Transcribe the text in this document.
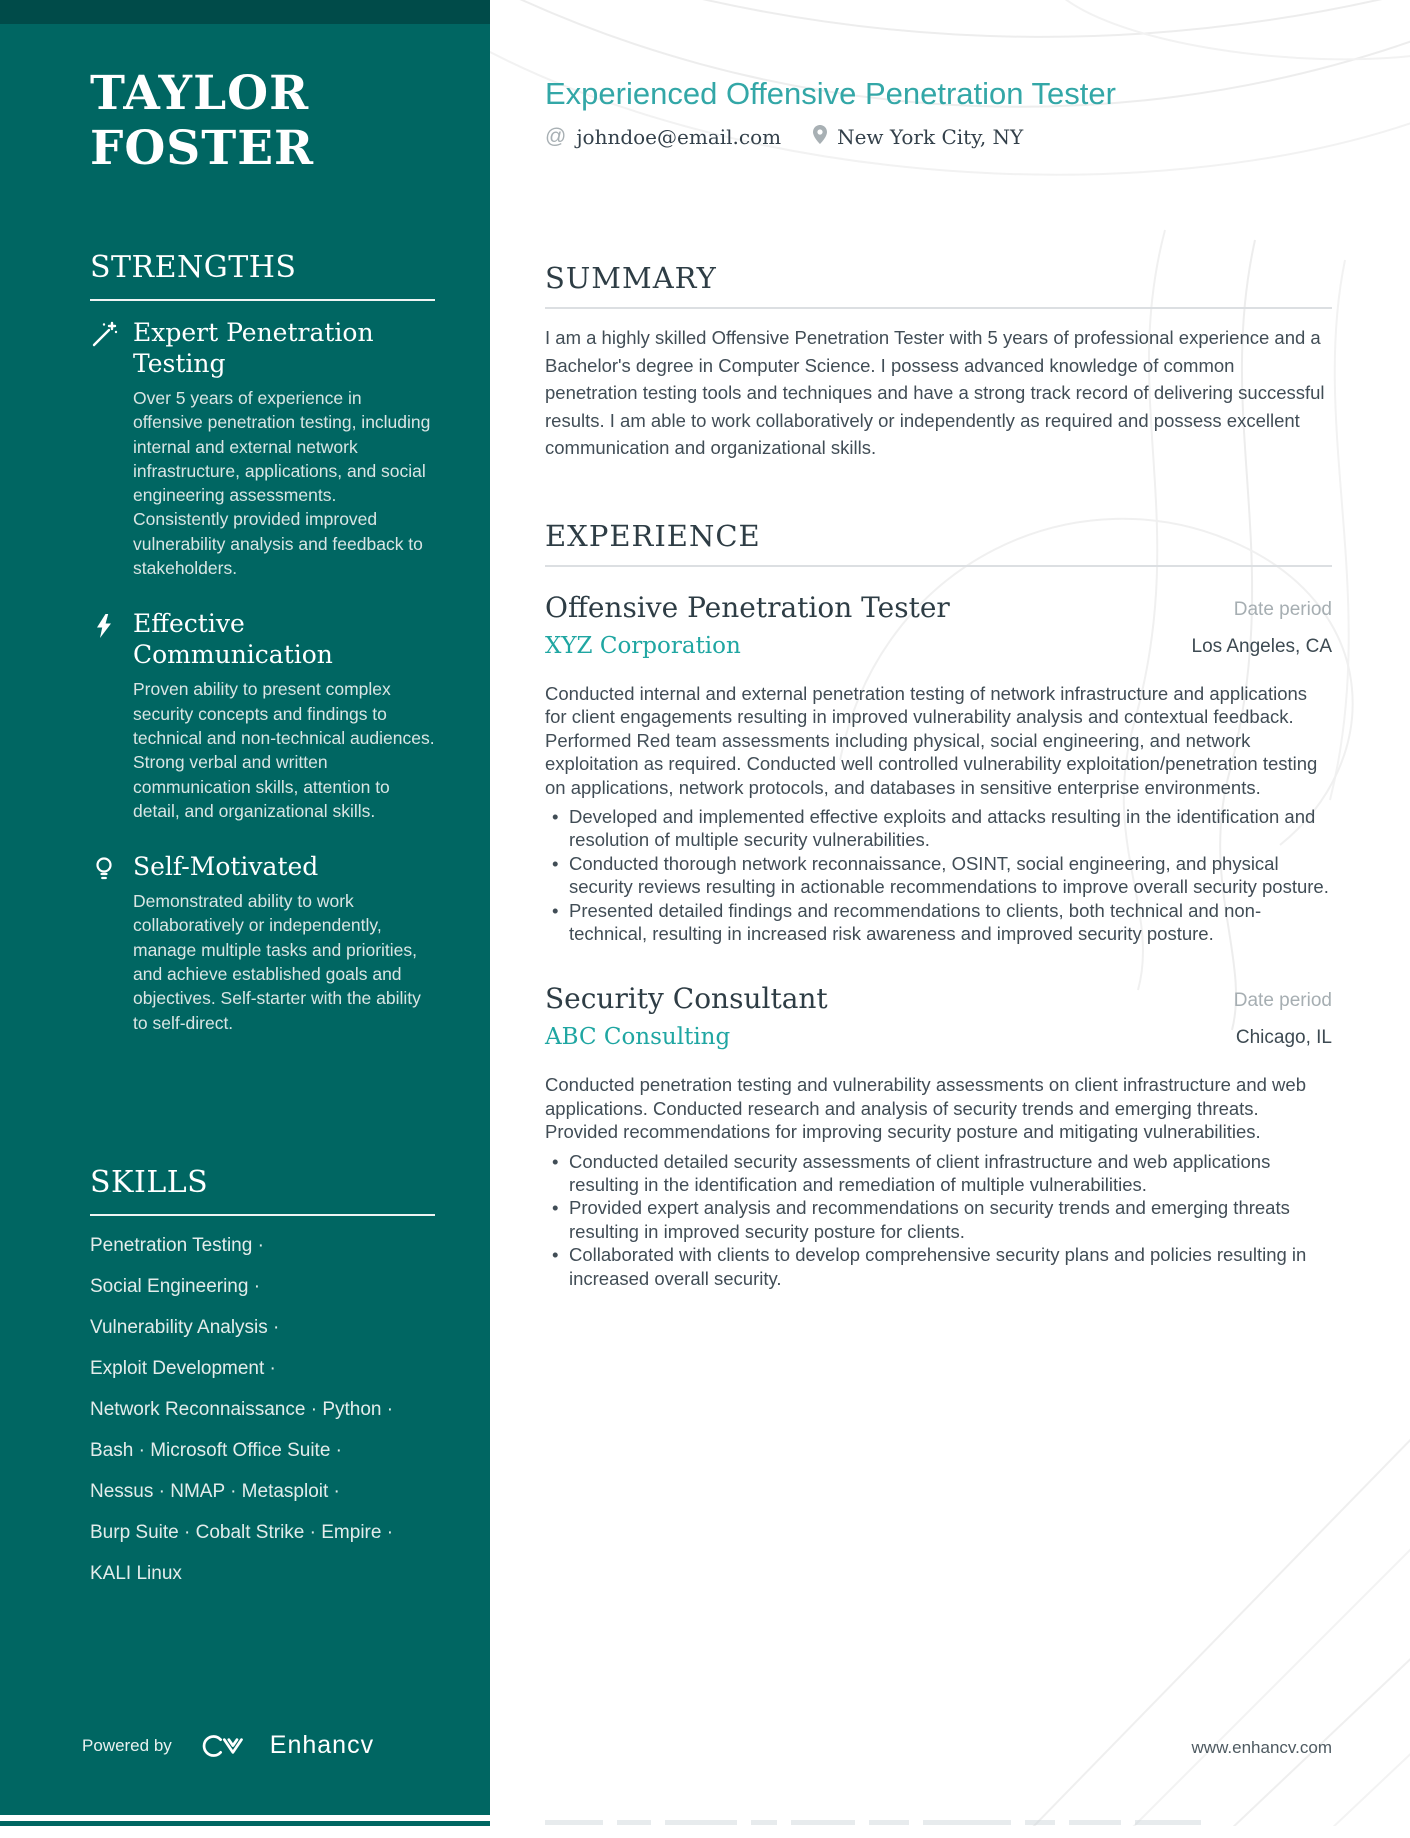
TAYLOR
FOSTER
STRENGTHS
Expert Penetration Testing
Over 5 years of experience in offensive penetration testing, including internal and external network infrastructure, applications, and social engineering assessments. Consistently provided improved vulnerability analysis and feedback to stakeholders.
Effective Communication
Proven ability to present complex security concepts and findings to technical and non-technical audiences. Strong verbal and written communication skills, attention to detail, and organizational skills.
Self-Motivated
Demonstrated ability to work collaboratively or independently, manage multiple tasks and priorities, and achieve established goals and objectives. Self-starter with the ability to self-direct.
SKILLS
Penetration Testing ·
Social Engineering ·
Vulnerability Analysis ·
Exploit Development ·
Network Reconnaissance · Python ·
Bash · Microsoft Office Suite ·
Nessus · NMAP · Metasploit ·
Burp Suite · Cobalt Strike · Empire ·
KALI Linux
Powered by	Enhancv
Experienced Offensive Penetration Tester
@ johndoe@email.com	New York City, NY
SUMMARY

I am a highly skilled Offensive Penetration Tester with 5 years of professional experience and a Bachelor's degree in Computer Science. I possess advanced knowledge of common penetration testing tools and techniques and have a strong track record of delivering successful results. I am able to work collaboratively or independently as required and possess excellent communication and organizational skills.

EXPERIENCE
Offensive Penetration Tester
XYZ Corporation
Date period
Los Angeles, CA

Conducted internal and external penetration testing of network infrastructure and applications for client engagements resulting in improved vulnerability analysis and contextual feedback. Performed Red team assessments including physical, social engineering, and network exploitation as required. Conducted well controlled vulnerability exploitation/penetration testing on applications, network protocols, and databases in sensitive enterprise environments.

• Developed and implemented effective exploits and attacks resulting in the identification and resolution of multiple security vulnerabilities.
• Conducted thorough network reconnaissance, OSINT, social engineering, and physical security reviews resulting in actionable recommendations to improve overall security posture.
• Presented detailed findings and recommendations to clients, both technical and non-technical, resulting in increased risk awareness and improved security posture.
Security Consultant
ABC Consulting
Date period
Chicago, IL

Conducted penetration testing and vulnerability assessments on client infrastructure and web applications. Conducted research and analysis of security trends and emerging threats. Provided recommendations for improving security posture and mitigating vulnerabilities.

• Conducted detailed security assessments of client infrastructure and web applications resulting in the identification and remediation of multiple vulnerabilities.
• Provided expert analysis and recommendations on security trends and emerging threats resulting in improved security posture for clients.
• Collaborated with clients to develop comprehensive security plans and policies resulting in increased overall security.
www.enhancv.com
